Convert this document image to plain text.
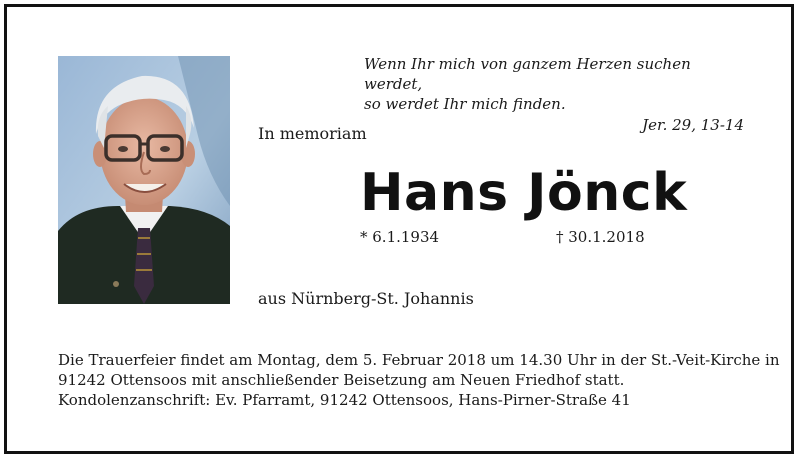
Wenn Ihr mich von ganzem Herzen suchen werdet,
so werdet Ihr mich finden.
Jer. 29, 13-14
In memoriam
Hans Jönck
* 6.1.1934	† 30.1.2018
aus Nürnberg-St. Johannis
Die Trauerfeier findet am Montag, dem 5. Februar 2018 um 14.30 Uhr in der St.-Veit-Kirche in
91242 Ottensoos mit anschließender Beisetzung am Neuen Friedhof statt.
Kondolenzanschrift: Ev. Pfarramt, 91242 Ottensoos, Hans-Pirner-Straße 41
